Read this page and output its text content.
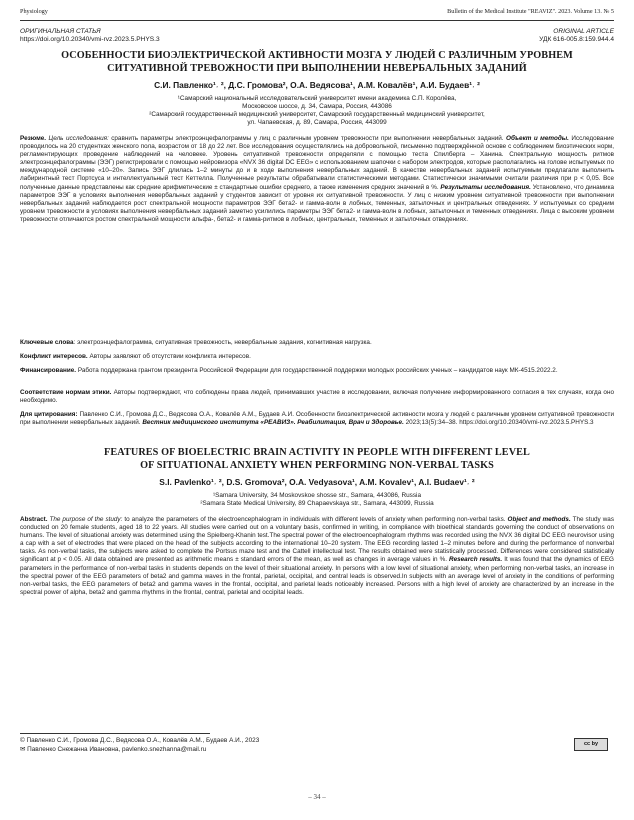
Physiology	Bulletin of the Medical Institute "REAVIZ". 2023. Volume 13. № 5
ОРИГИНАЛЬНАЯ СТАТЬЯ
https://doi.org/10.20340/vmi-rvz.2023.5.PHYS.3
ORIGINAL ARTICLE
УДК 616-005.8:159.944.4
ОСОБЕННОСТИ БИОЭЛЕКТРИЧЕСКОЙ АКТИВНОСТИ МОЗГА У ЛЮДЕЙ С РАЗЛИЧНЫМ УРОВНЕМ
СИТУАТИВНОЙ ТРЕВОЖНОСТИ ПРИ ВЫПОЛНЕНИИ НЕВЕРБАЛЬНЫХ ЗАДАНИЙ
С.И. Павленко¹˒ ², Д.С. Громова², О.А. Ведясова¹, А.М. Ковалёв¹, А.И. Будаев¹˒ ²
¹Самарский национальный исследовательский университет имени академика С.П. Королёва,
Московское шоссе, д. 34, Самара, Россия, 443086
²Самарский государственный медицинский университет, Самарский государственный медицинский университет,
ул. Чапаевская, д. 89, Самара, Россия, 443099
Резюме. Цель исследования: сравнить параметры электроэнцефалограммы у лиц с различным уровнем тревожности при выполнении невербальных заданий. Объект и методы. Исследование проводилось на 20 студентках женского пола, возрастом от 18 до 22 лет. Все исследования осуществлялись на добровольной, письменно подтверждённой основе с соблюдением биоэтических норм, регламентирующих проведение наблюдений на человеке. Уровень ситуативной тревожности определяли с помощью теста Спилберга – Ханина. Спектральную мощность ритмов электроэнцефалограммы (ЭЭГ) регистрировали с помощью нейровизора «NVX 36 digital DC EEG» с использованием шапочки с набором электродов, которые располагались на голове испытуемых по международной системе «10–20». Запись ЭЭГ длилась 1–2 минуты до и в ходе выполнения невербальных заданий. В качестве невербальных заданий испытуемым предлагали выполнить лабиринтный тест Портсуса и интеллектуальный тест Кеттелла. Полученные результаты обрабатывали статистическими методами. Статистически значимыми считали различия при p < 0,05. Все полученные данные представлены как средние арифметические ± стандартные ошибки среднего, а также изменения средних значений в %. Результаты исследования. Установлено, что динамика параметров ЭЭГ в условиях выполнения невербальных заданий у студентов зависит от уровня их ситуативной тревожности. У лиц с низким уровнем ситуативной тревожности при выполнении невербальных заданий наблюдается рост спектральной мощности параметров ЭЭГ бета2- и гамма-волн в лобных, теменных, затылочных и центральных отведениях. У испытуемых со средним уровнем тревожности в условиях выполнения невербальных заданий заметно усилились параметры ЭЭГ бета2- и гамма-волн в лобных, затылочных и теменных отведениях. Лица с высоким уровнем тревожности отличаются ростом спектральной мощности альфа-, бета2- и гамма-ритмов в лобных, центральных, теменных и затылочных отведениях.
Ключевые слова: электроэнцефалограмма, ситуативная тревожность, невербальные задания, когнитивная нагрузка.
Конфликт интересов. Авторы заявляют об отсутствии конфликта интересов.
Финансирование. Работа поддержана грантом президента Российской Федерации для государственной поддержки молодых российских ученых – кандидатов наук МК-4515.2022.2.
Соответствие нормам этики. Авторы подтверждают, что соблюдены права людей, принимавших участие в исследовании, включая получение информированного согласия в тех случаях, когда оно необходимо.
Для цитирования: Павленко С.И., Громова Д.С., Ведясова О.А., Ковалёв А.М., Будаев А.И. Особенности биоэлектрической активности мозга у людей с различным уровнем ситуативной тревожности при выполнении невербальных заданий. Вестник медицинского института «РЕАВИЗ». Реабилитация, Врач и Здоровье. 2023;13(5):34–38. https://doi.org/10.20340/vmi-rvz.2023.5.PHYS.3
FEATURES OF BIOELECTRIC BRAIN ACTIVITY IN PEOPLE WITH DIFFERENT LEVEL
OF SITUATIONAL ANXIETY WHEN PERFORMING NON-VERBAL TASKS
S.I. Pavlenko¹˒ ², D.S. Gromova², O.A. Vedyasova¹, A.M. Kovalev¹, A.I. Budaev¹˒ ²
¹Samara University, 34 Moskovskoe shosse str., Samara, 443086, Russia
²Samara State Medical University, 89 Chapaevskaya str., Samara, 443099, Russia
Abstract. The purpose of the study: to analyze the parameters of the electroencephalogram in individuals with different levels of anxiety when performing non-verbal tasks. Object and methods. The study was conducted on 20 female students, aged 18 to 22 years. All studies were carried out on a voluntary basis, confirmed in writing, in compliance with bioethical standards governing the conduct of observations on humans. The level of situational anxiety was determined using the Spielberg-Khanin test.The spectral power of the electroencephalogram rhythms was recorded using the NVX 36 digital DC EEG neurovisor using a cap with a set of electrodes that were placed on the head of the subjects according to the international 10–20 system. The EEG recording lasted 1–2 minutes before and during the performance of nonverbal tasks. As non-verbal tasks, the subjects were asked to complete the Portsus maze test and the Cattell intellectual test. The results obtained were statistically processed. Differences were considered statistically significant at p < 0.05. All data obtained are presented as arithmetic means ± standard errors of the mean, as well as changes in average values in %. Research results. It was found that the dynamics of EEG parameters in the performance of non-verbal tasks in students depends on the level of their situational anxiety. In persons with a low level of situational anxiety, when performing non-verbal tasks, an increase in the spectral power of the EEG parameters of beta2 and gamma waves in the frontal, parietal, occipital, and central leads is observed.In subjects with an average level of anxiety in the conditions of performing non-verbal tasks, the EEG parameters of beta2 and gamma waves in the frontal, occipital, and parietal leads noticeably increased. Persons with a high level of anxiety are characterized by an increase in the spectral power of alpha, beta2 and gamma rhythms in the frontal, central, parietal and occipital leads.
© Павленко С.И., Громова Д.С., Ведясова О.А., Ковалёв А.М., Будаев А.И., 2023
✉ Павленко Снежанна Ивановна, pavlenko.snezhanna@mail.ru
cc by
– 34 –
